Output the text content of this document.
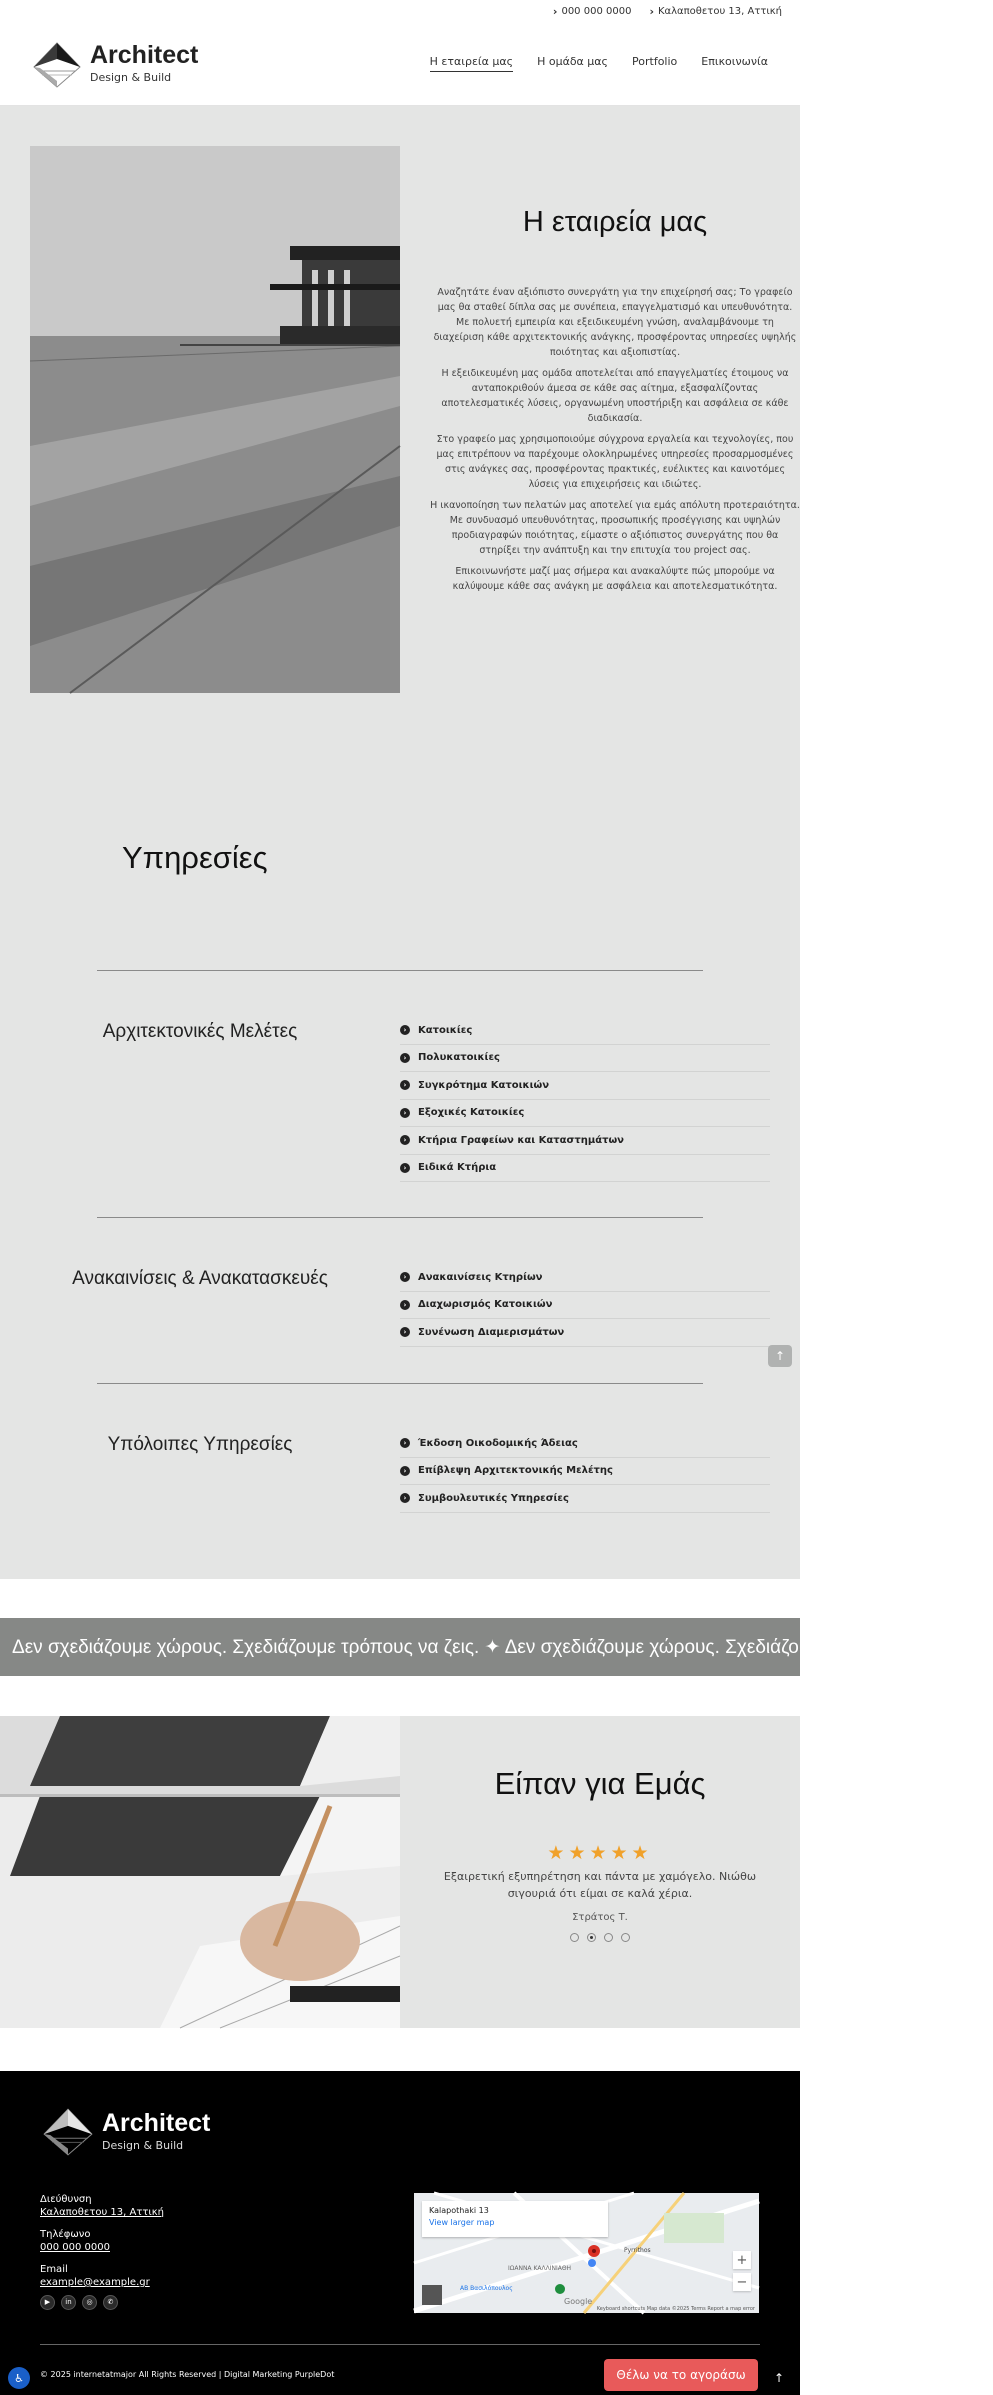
› 000 000 0000 › Καλαποθετου 13, Αττική
Architect
Design & Build
Η εταιρεία μας Η ομάδα μας Portfolio Επικοινωνία
Η εταιρεία μας

Αναζητάτε έναν αξιόπιστο συνεργάτη για την επιχείρησή σας; Το γραφείο μας θα σταθεί δίπλα σας με συνέπεια, επαγγελματισμό και υπευθυνότητα. Με πολυετή εμπειρία και εξειδικευμένη γνώση, αναλαμβάνουμε τη διαχείριση κάθε αρχιτεκτονικής ανάγκης, προσφέροντας υπηρεσίες υψηλής ποιότητας και αξιοπιστίας.

Η εξειδικευμένη μας ομάδα αποτελείται από επαγγελματίες έτοιμους να ανταποκριθούν άμεσα σε κάθε σας αίτημα, εξασφαλίζοντας αποτελεσματικές λύσεις, οργανωμένη υποστήριξη και ασφάλεια σε κάθε διαδικασία.

Στο γραφείο μας χρησιμοποιούμε σύγχρονα εργαλεία και τεχνολογίες, που μας επιτρέπουν να παρέχουμε ολοκληρωμένες υπηρεσίες προσαρμοσμένες στις ανάγκες σας, προσφέροντας πρακτικές, ευέλικτες και καινοτόμες λύσεις για επιχειρήσεις και ιδιώτες.

Η ικανοποίηση των πελατών μας αποτελεί για εμάς απόλυτη προτεραιότητα. Με συνδυασμό υπευθυνότητας, προσωπικής προσέγγισης και υψηλών προδιαγραφών ποιότητας, είμαστε ο αξιόπιστος συνεργάτης που θα στηρίξει την ανάπτυξη και την επιτυχία του project σας.

Επικοινωνήστε μαζί μας σήμερα και ανακαλύψτε πώς μπορούμε να καλύψουμε κάθε σας ανάγκη με ασφάλεια και αποτελεσματικότητα.

Υπηρεσίες
Αρχιτεκτονικές Μελέτες	›	Κατοικίες
›	Πολυκατοικίες
›	Συγκρότημα Κατοικιών
›	Εξοχικές Κατοικίες
›	Κτήρια Γραφείων και Καταστημάτων
›	Ειδικά Κτήρια
Ανακαινίσεις & Ανακατασκευές	›	Ανακαινίσεις Κτηρίων
›	Διαχωρισμός Κατοικιών
›	Συνένωση Διαμερισμάτων
↑
Υπόλοιπες Υπηρεσίες	›	Έκδοση Οικοδομικής Άδειας
›	Επίβλεψη Αρχιτεκτονικής Μελέτης
›	Συμβουλευτικές Υπηρεσίες
Δεν σχεδιάζουμε χώρους. Σχεδιάζουμε τρόπους να ζεις. ✦ Δεν σχεδιάζουμε χώρους. Σχεδιάζουμε τρόπους να ζεις. ✦
Είπαν για Εμάς
★★★★★
Εξαιρετική εξυπηρέτηση και πάντα με χαμόγελο. Νιώθω σιγουριά ότι είμαι σε καλά χέρια.
Στράτος Τ.
Architect
Design & Build
Διεύθυνση
Καλαποθετου 13, Αττική
Τηλέφωνο
000 000 0000
Email
example@example.gr
▶	in	◎	✆
Kalapothaki 13
View larger map
Pyrrithos
ΙΩΑΝΝΑ ΚΑΛΛΙΝΙΑΘΗ
ΑΒ Βασιλόπουλος
Google
+
−
Keyboard shortcuts Map data ©2025 Terms Report a map error
♿	© 2025 internetatmajor All Rights Reserved | Digital Marketing PurpleDot	Θέλω να το αγοράσω	↑
